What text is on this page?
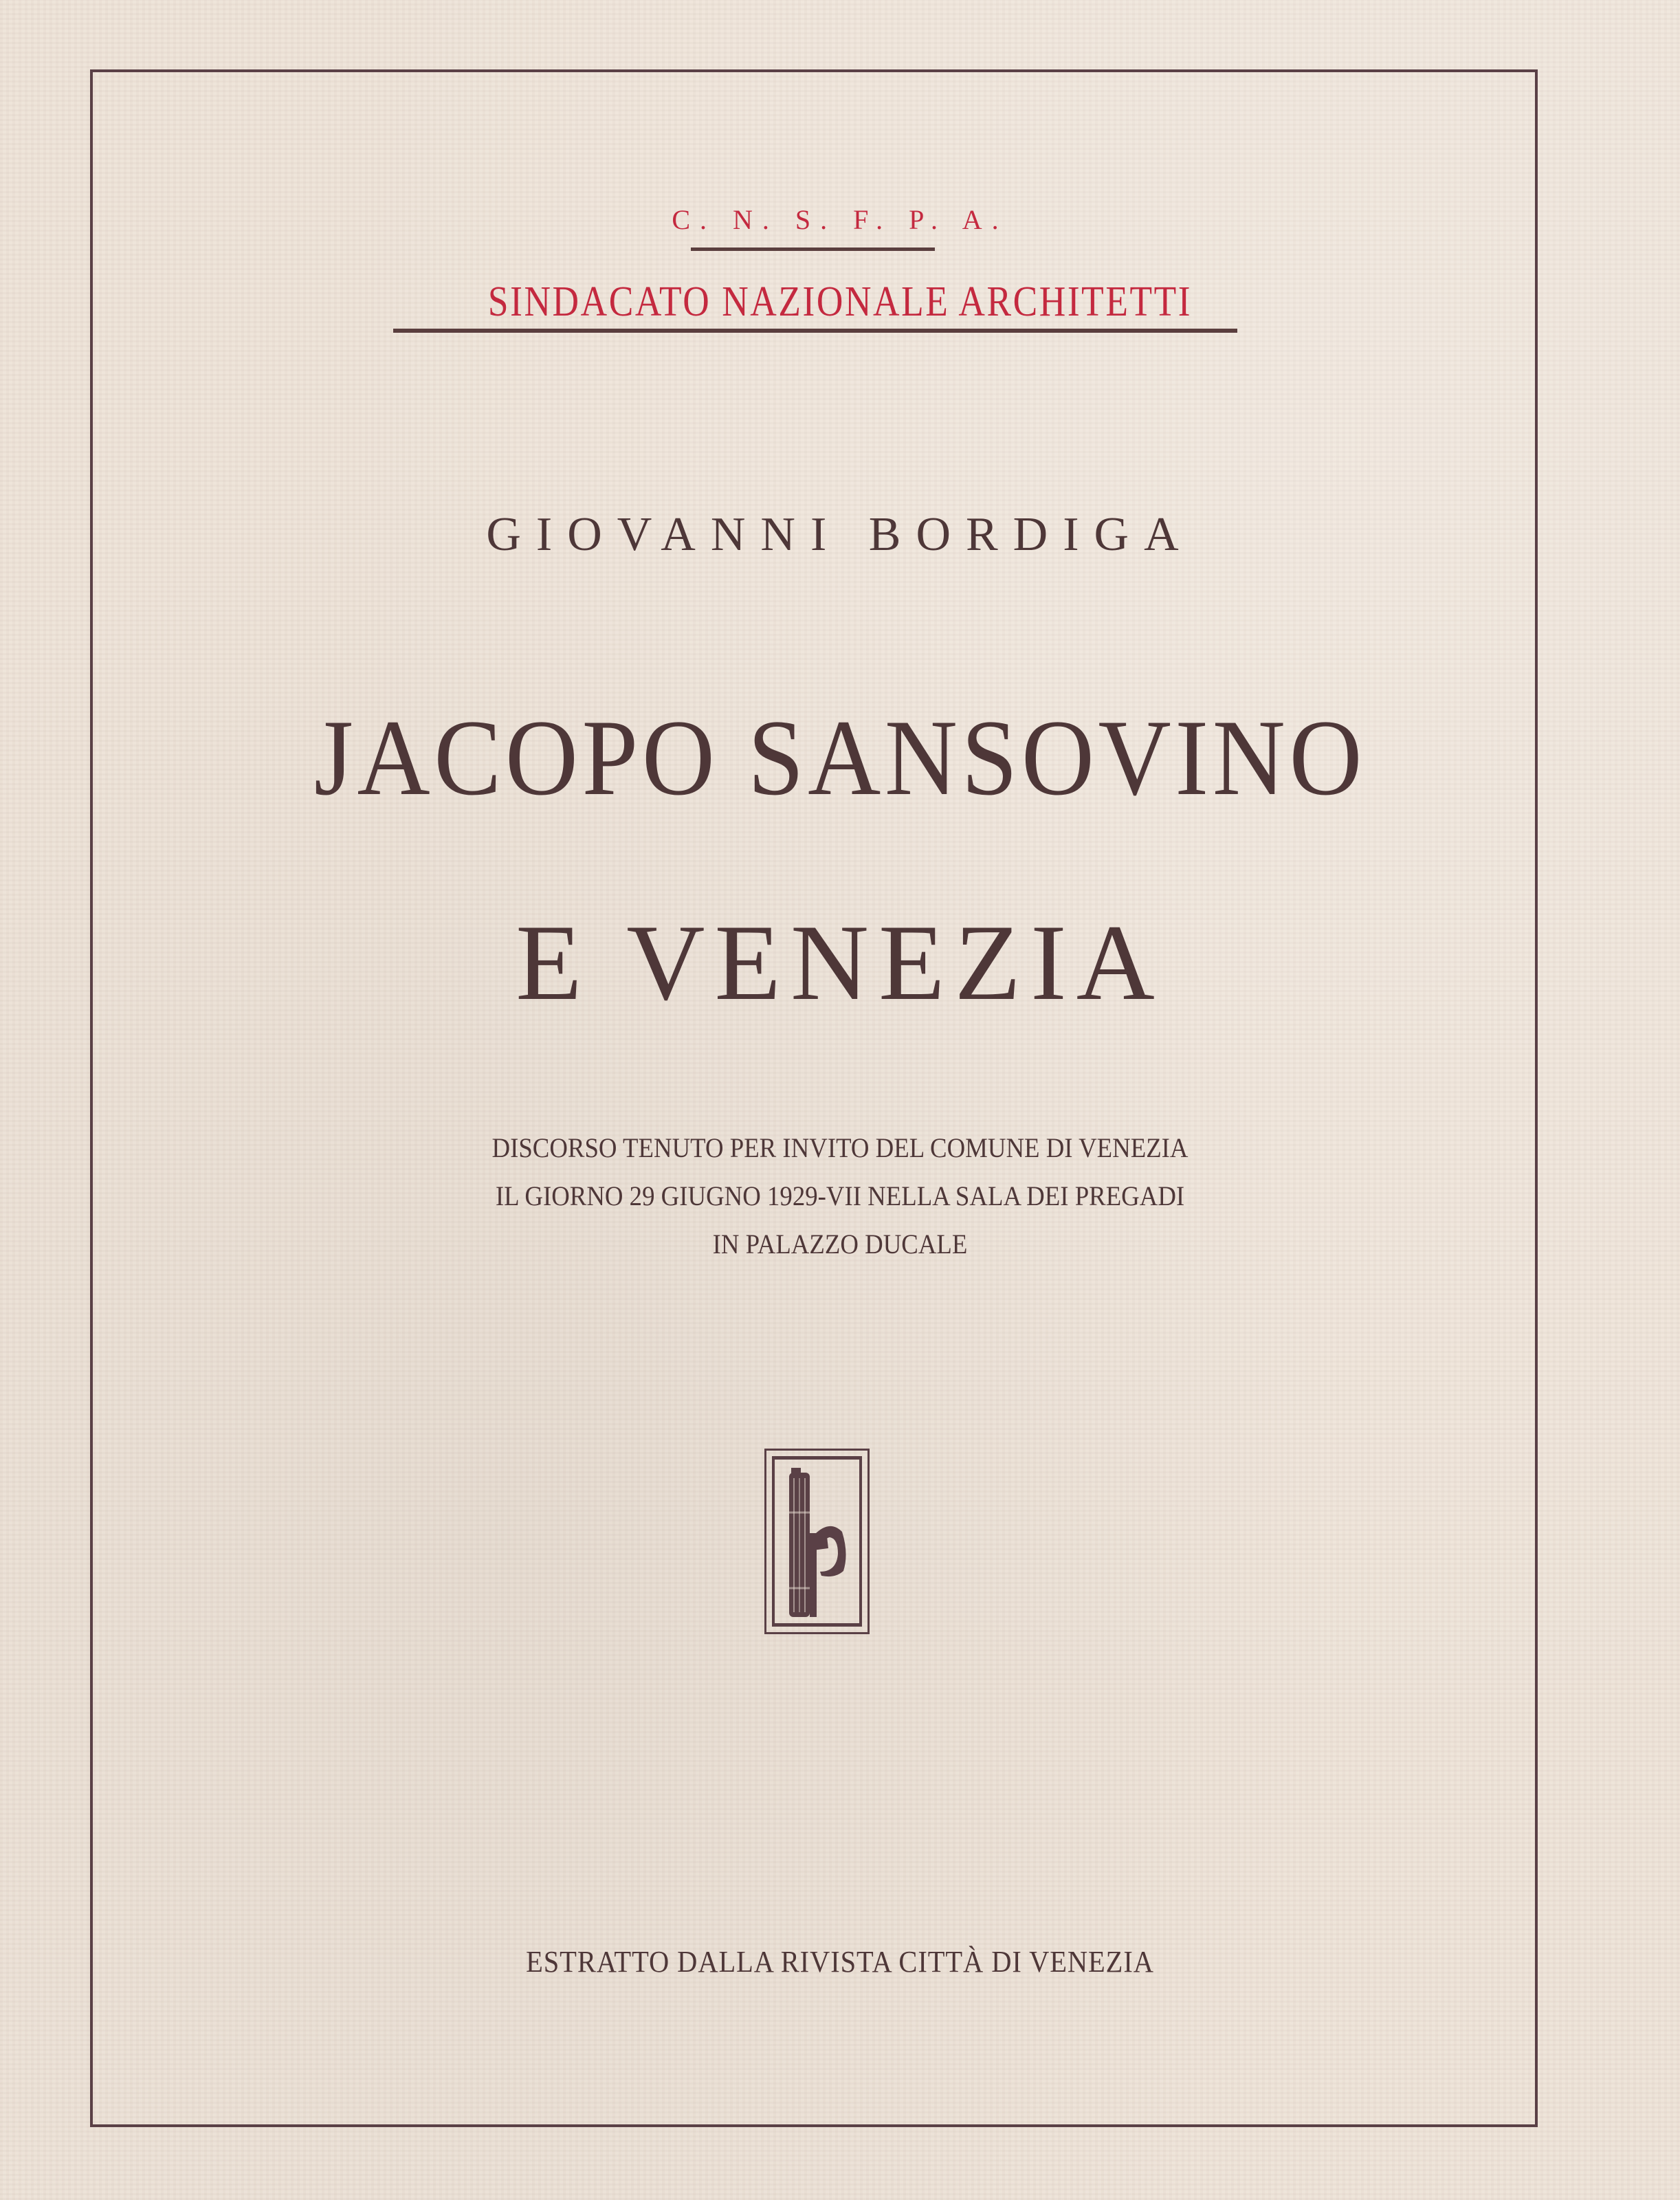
C. N. S. F. P. A.
SINDACATO NAZIONALE ARCHITETTI
GIOVANNI BORDIGA
JACOPO SANSOVINO
E VENEZIA
DISCORSO TENUTO PER INVITO DEL COMUNE DI VENEZIA
IL GIORNO 29 GIUGNO 1929-VII NELLA SALA DEI PREGADI
IN PALAZZO DUCALE
ESTRATTO DALLA RIVISTA CITTÀ DI VENEZIA
